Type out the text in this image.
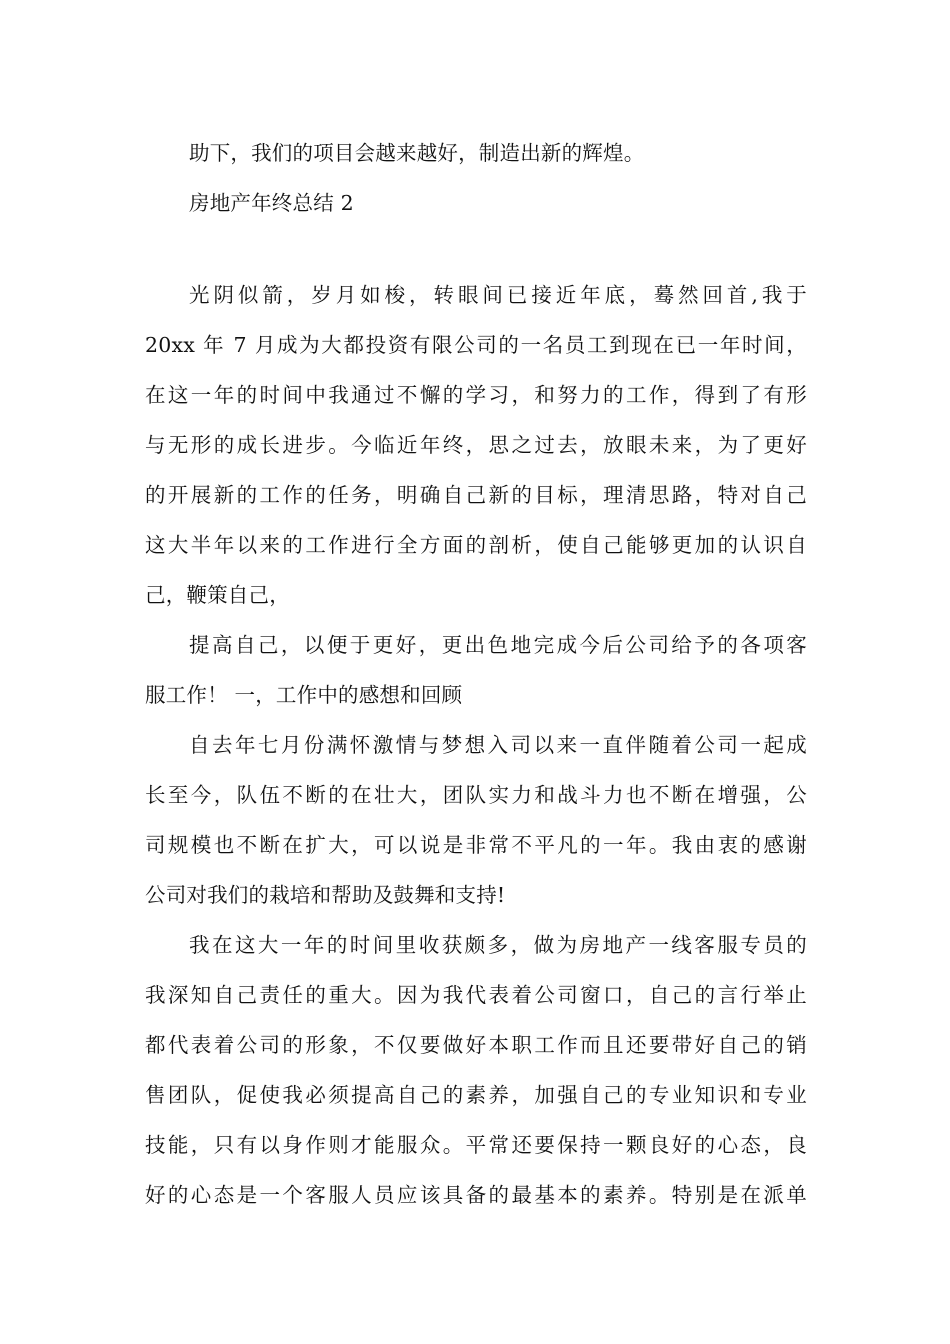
助下，我们的项目会越来越好，制造出新的辉煌。
房地产年终总结 2
光阴似箭，岁月如梭，转眼间已接近年底，蓦然回首,我于
20xx 年 7 月成为大都投资有限公司的一名员工到现在已一年时间，
在这一年的时间中我通过不懈的学习，和努力的工作，得到了有形
与无形的成长进步。今临近年终，思之过去，放眼未来，为了更好
的开展新的工作的任务，明确自己新的目标，理清思路，特对自己
这大半年以来的工作进行全方面的剖析，使自己能够更加的认识自
己，鞭策自己，
提高自己，以便于更好，更出色地完成今后公司给予的各项客
服工作！ 一，工作中的感想和回顾
自去年七月份满怀激情与梦想入司以来一直伴随着公司一起成
长至今，队伍不断的在壮大，团队实力和战斗力也不断在增强，公
司规模也不断在扩大，可以说是非常不平凡的一年。我由衷的感谢
公司对我们的栽培和帮助及鼓舞和支持!
我在这大一年的时间里收获颇多，做为房地产一线客服专员的
我深知自己责任的重大。因为我代表着公司窗口，自己的言行举止
都代表着公司的形象，不仅要做好本职工作而且还要带好自己的销
售团队，促使我必须提高自己的素养，加强自己的专业知识和专业
技能，只有以身作则才能服众。平常还要保持一颗良好的心态，良
好的心态是一个客服人员应该具备的最基本的素养。特别是在派单
